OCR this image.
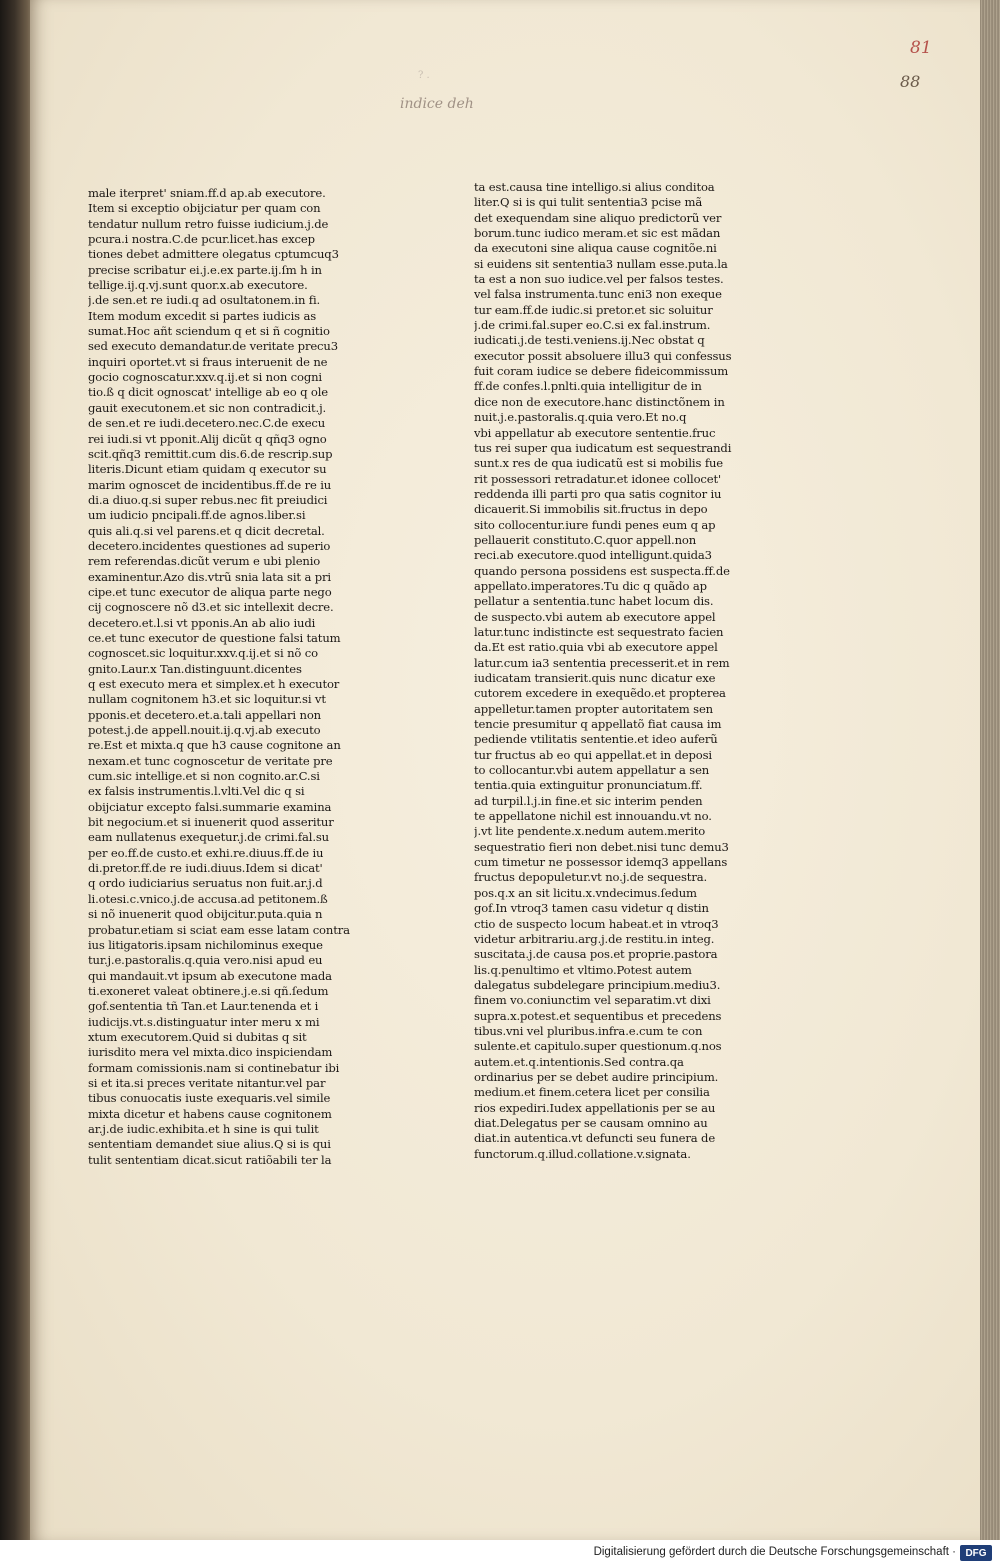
81
88
? .
indice deh
male iterpret' sniam.ff.d ap.ab executore.
Item si exceptio obijciatur per quam con
tendatur nullum retro fuisse iudicium.j.de
pcura.i nostra.C.de pcur.licet.has excep
tiones debet admittere olegatus cptumcuq3
precise scribatur ei.j.e.ex parte.ij.ſm h in
tellige.ij.q.vj.sunt quor.x.ab executore.
j.de sen.et re iudi.q ad osultatonem.in fi.
Item modum excedit si partes iudicis as
sumat.Hoc añt sciendum q et si ñ cognitio
sed executo demandatur.de veritate precu3
inquiri oportet.vt si fraus interuenit de ne
gocio cognoscatur.xxv.q.ij.et si non cogni
tio.ß q dicit ognoscat' intellige ab eo q ole
gauit executonem.et sic non contradicit.j.
de sen.et re iudi.decetero.nec.C.de execu
rei iudi.si vt pponit.Alij dicũt q qñq3 ogno
scit.qñq3 remittit.cum dis.6.de rescrip.sup
literis.Dicunt etiam quidam q executor su
marim ognoscet de incidentibus.ff.de re iu
di.a diuo.q.si super rebus.nec fit preiudici
um iudicio pncipali.ff.de agnos.liber.si
quis ali.q.si vel parens.et q dicit decretal.
decetero.incidentes questiones ad superio
rem referendas.dicũt verum e ubi plenio
examinentur.Azo dis.vtrũ snia lata sit a pri
cipe.et tunc executor de aliqua parte nego
cij cognoscere nõ d3.et sic intellexit decre.
decetero.et.l.si vt pponis.An ab alio iudi
ce.et tunc executor de questione falsi tatum
cognoscet.sic loquitur.xxv.q.ij.et si nõ co
gnito.Laur.x Tan.distinguunt.dicentes
q est executo mera et simplex.et h executor
nullam cognitonem h3.et sic loquitur.si vt
pponis.et decetero.et.a.tali appellari non
potest.j.de appell.nouit.ij.q.vj.ab executo
re.Est et mixta.q que h3 cause cognitone an
nexam.et tunc cognoscetur de veritate pre
cum.sic intellige.et si non cognito.ar.C.si
ex falsis instrumentis.l.vlti.Vel dic q si
obijciatur excepto falsi.summarie examina
bit negocium.et si inuenerit quod asseritur
eam nullatenus exequetur.j.de crimi.fal.su
per eo.ff.de custo.et exhi.re.diuus.ff.de iu
di.pretor.ff.de re iudi.diuus.Idem si dicat'
q ordo iudiciarius seruatus non fuit.ar.j.d
li.otesi.c.vnico.j.de accusa.ad petitonem.ß
si nõ inuenerit quod obijcitur.puta.quia n
probatur.etiam si sciat eam esse latam contra
ius litigatoris.ipsam nichilominus exeque
tur.j.e.pastoralis.q.quia vero.nisi apud eu
qui mandauit.vt ipsum ab executone mada
ti.exoneret valeat obtinere.j.e.si qñ.ſedum
gof.sententia tñ Tan.et Laur.tenenda et i
iudicijs.vt.s.distinguatur inter meru x mi
xtum executorem.Quid si dubitas q sit
iurisdito mera vel mixta.dico inspiciendam
formam comissionis.nam si continebatur ibi
si et ita.si preces veritate nitantur.vel par
tibus conuocatis iuste exequaris.vel simile
mixta dicetur et habens cause cognitonem
ar.j.de iudic.exhibita.et h sine is qui tulit
sententiam demandet siue alius.Q si is qui
tulit sententiam dicat.sicut ratiõabili ter la
ta est.causa tine intelligo.si alius conditoa
liter.Q si is qui tulit sententia3 pcise mã
det exequendam sine aliquo predictorũ ver
borum.tunc iudico meram.et sic est mãdan
da executoni sine aliqua cause cognitõe.ni
si euidens sit sententia3 nullam esse.puta.la
ta est a non suo iudice.vel per falsos testes.
vel falsa instrumenta.tunc eni3 non exeque
tur eam.ff.de iudic.si pretor.et sic soluitur
j.de crimi.fal.super eo.C.si ex fal.instrum.
iudicati.j.de testi.veniens.ij.Nec obstat q
executor possit absoluere illu3 qui confessus
fuit coram iudice se debere fideicommissum
ff.de confes.l.pnlti.quia intelligitur de in
dice non de executore.hanc distinctõnem in
nuit.j.e.pastoralis.q.quia vero.Et no.q
vbi appellatur ab executore sententie.fruc
tus rei super qua iudicatum est sequestrandi
sunt.x res de qua iudicatũ est si mobilis fue
rit possessori retradatur.et idonee collocet'
reddenda illi parti pro qua satis cognitor iu
dicauerit.Si immobilis sit.fructus in depo
sito collocentur.iure fundi penes eum q ap
pellauerit constituto.C.quor appell.non
reci.ab executore.quod intelligunt.quida3
quando persona possidens est suspecta.ff.de
appellato.imperatores.Tu dic q quãdo ap
pellatur a sententia.tunc habet locum dis.
de suspecto.vbi autem ab executore appel
latur.tunc indistincte est sequestrato facien
da.Et est ratio.quia vbi ab executore appel
latur.cum ia3 sententia precesserit.et in rem
iudicatam transierit.quis nunc dicatur exe
cutorem excedere in exequẽdo.et propterea
appelletur.tamen propter autoritatem sen
tencie presumitur q appellatõ fiat causa im
pediende vtilitatis sententie.et ideo auferũ
tur fructus ab eo qui appellat.et in deposi
to collocantur.vbi autem appellatur a sen
tentia.quia extinguitur pronunciatum.ff.
ad turpil.l.j.in fine.et sic interim penden
te appellatone nichil est innouandu.vt no.
j.vt lite pendente.x.nedum autem.merito
sequestratio fieri non debet.nisi tunc demu3
cum timetur ne possessor idemq3 appellans
fructus depopuletur.vt no.j.de sequestra.
pos.q.x an sit licitu.x.vndecimus.ſedum
gof.In vtroq3 tamen casu videtur q distin
ctio de suspecto locum habeat.et in vtroq3
videtur arbitrariu.arg.j.de restitu.in integ.
suscitata.j.de causa pos.et proprie.pastora
lis.q.penultimo et vltimo.Potest autem
dalegatus subdelegare principium.mediu3.
finem vo.coniunctim vel separatim.vt dixi
supra.x.potest.et sequentibus et precedens
tibus.vni vel pluribus.infra.e.cum te con
sulente.et capitulo.super questionum.q.nos
autem.et.q.intentionis.Sed contra.qa
ordinarius per se debet audire principium.
medium.et finem.cetera licet per consilia
rios expediri.Iudex appellationis per se au
diat.Delegatus per se causam omnino au
diat.in autentica.vt defuncti seu funera de
functorum.q.illud.collatione.v.signata.
Digitalisierung gefördert durch die Deutsche Forschungsgemeinschaft · DFG
